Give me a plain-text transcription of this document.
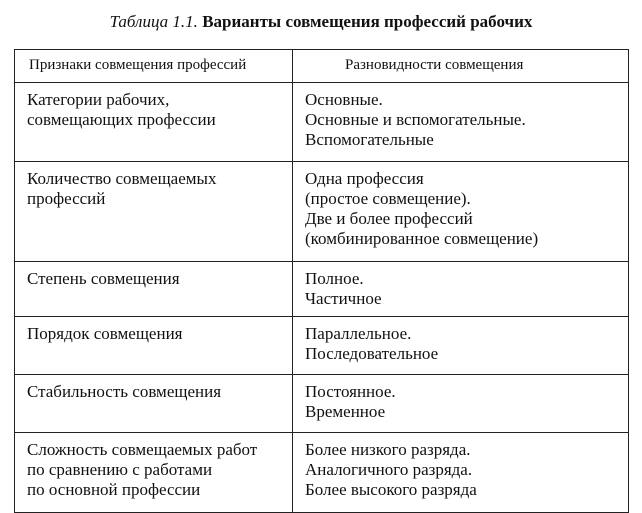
Таблица 1.1. Варианты совмещения профессий рабочих
Признаки совмещения профессий	Разновидности совмещения

Категории рабочих,
совмещающих профессии	Основные.
Основные и вспомогательные.
Вспомогательные

Количество совмещаемых
профессий	Одна профессия
(простое совмещение).
Две и более профессий
(комбинированное совмещение)

Степень совмещения	Полное.
Частичное

Порядок совмещения	Параллельное.
Последовательное

Стабильность совмещения	Постоянное.
Временное

Сложность совмещаемых работ
по сравнению с работами
по основной профессии	Более низкого разряда.
Аналогичного разряда.
Более высокого разряда
